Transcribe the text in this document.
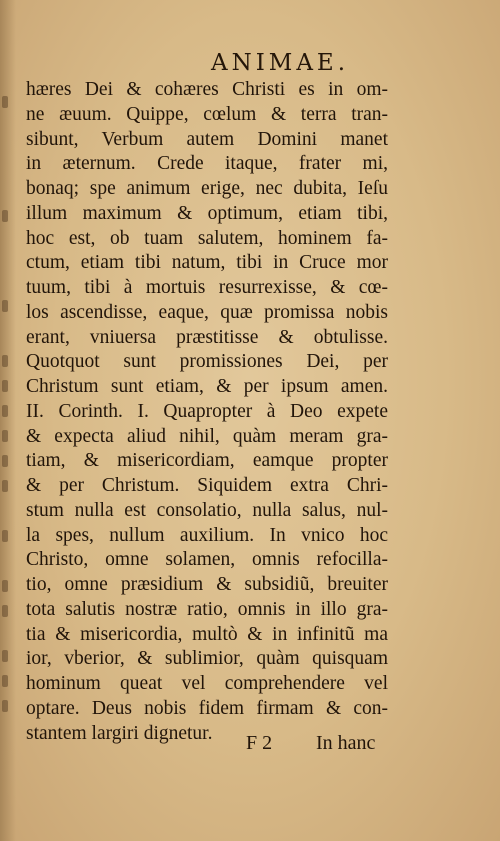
ANIMAE.
hæres Dei & cohæres Christi es in om-
ne æuum. Quippe, cœlum & terra tran-
sibunt, Verbum autem Domini manet
in æternum. Crede itaque, frater mi,
bonaq; spe animum erige, nec dubita, Ieſu
illum maximum & optimum, etiam tibi,
hoc est, ob tuam salutem, hominem fa-
ctum, etiam tibi natum, tibi in Cruce mor
tuum, tibi à mortuis resurrexisse, & cœ-
los ascendisse, eaque, quæ promissa nobis
erant, vniuersa præstitisse & obtulisse.
Quotquot sunt promissiones Dei, per
Christum sunt etiam, & per ipsum amen.
II. Corinth. I. Quapropter à Deo expete
& expecta aliud nihil, quàm meram gra-
tiam, & misericordiam, eamque propter
& per Christum. Siquidem extra Chri-
stum nulla est consolatio, nulla salus, nul-
la spes, nullum auxilium. In vnico hoc
Christo, omne solamen, omnis refocilla-
tio, omne præsidium & subsidiũ, breuiter
tota salutis nostræ ratio, omnis in illo gra-
tia & misericordia, multò & in infinitũ ma
ior, vberior, & sublimior, quàm quisquam
hominum queat vel comprehendere vel
optare. Deus nobis fidem firmam & con-
stantem largiri dignetur.	F 2 In hanc
